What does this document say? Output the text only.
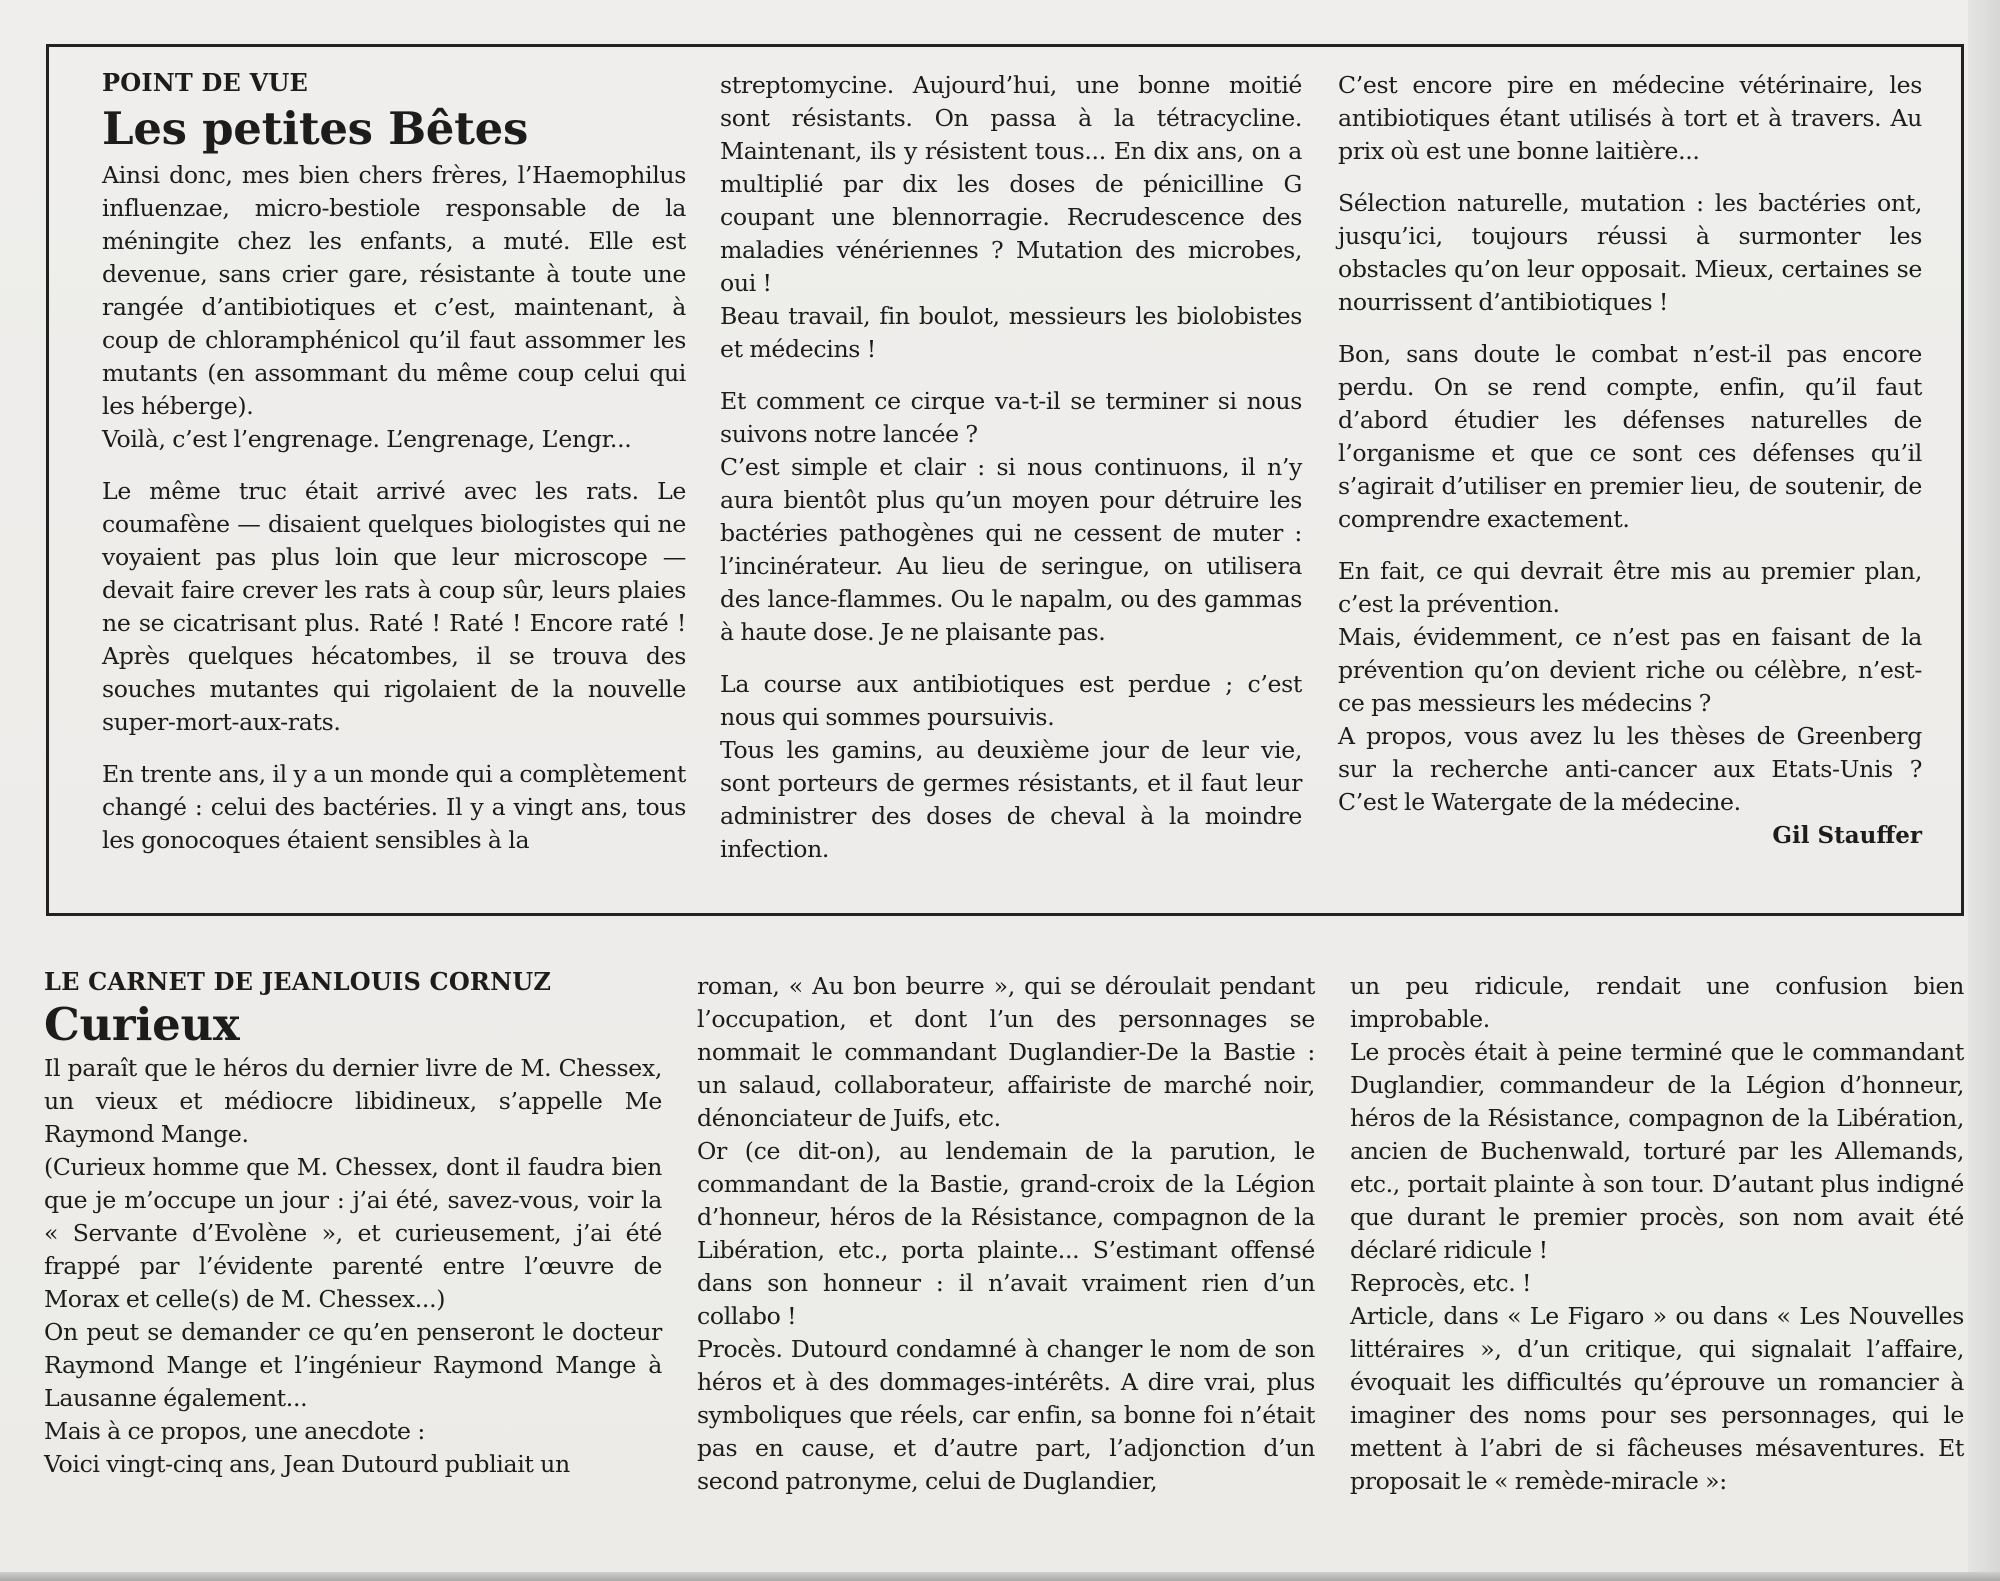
POINT DE VUE
Les petites Bêtes

Ainsi donc, mes bien chers frères, l’Haemophilus influenzae, micro-bestiole responsable de la méningite chez les enfants, a muté. Elle est devenue, sans crier gare, résistante à toute une rangée d’antibiotiques et c’est, maintenant, à coup de chloramphénicol qu’il faut assommer les mutants (en assommant du même coup celui qui les héberge).

Voilà, c’est l’engrenage. L’engrenage, L’engr...

Le même truc était arrivé avec les rats. Le coumafène — disaient quelques biologistes qui ne voyaient pas plus loin que leur microscope — devait faire crever les rats à coup sûr, leurs plaies ne se cicatrisant plus. Raté ! Raté ! Encore raté ! Après quelques hécatombes, il se trouva des souches mutantes qui rigolaient de la nouvelle super-mort-aux-rats.

En trente ans, il y a un monde qui a complètement changé : celui des bactéries. Il y a vingt ans, tous les gonocoques étaient sensibles à la

streptomycine. Aujourd’hui, une bonne moitié sont résistants. On passa à la tétracycline. Maintenant, ils y résistent tous... En dix ans, on a multiplié par dix les doses de pénicilline G coupant une blennorragie. Recrudescence des maladies vénériennes ? Mutation des microbes, oui !

Beau travail, fin boulot, messieurs les biolobistes et médecins !

Et comment ce cirque va-t-il se terminer si nous suivons notre lancée ?

C’est simple et clair : si nous continuons, il n’y aura bientôt plus qu’un moyen pour détruire les bactéries pathogènes qui ne cessent de muter : l’incinérateur. Au lieu de seringue, on utilisera des lance-flammes. Ou le napalm, ou des gammas à haute dose. Je ne plaisante pas.

La course aux antibiotiques est perdue ; c’est nous qui sommes poursuivis.

Tous les gamins, au deuxième jour de leur vie, sont porteurs de germes résistants, et il faut leur administrer des doses de cheval à la moindre infection.

C’est encore pire en médecine vétérinaire, les antibiotiques étant utilisés à tort et à travers. Au prix où est une bonne laitière...

Sélection naturelle, mutation : les bactéries ont, jusqu’ici, toujours réussi à surmonter les obstacles qu’on leur opposait. Mieux, certaines se nourrissent d’antibiotiques !

Bon, sans doute le combat n’est-il pas encore perdu. On se rend compte, enfin, qu’il faut d’abord étudier les défenses naturelles de l’organisme et que ce sont ces défenses qu’il s’agirait d’utiliser en premier lieu, de soutenir, de comprendre exactement.

En fait, ce qui devrait être mis au premier plan, c’est la prévention.

Mais, évidemment, ce n’est pas en faisant de la prévention qu’on devient riche ou célèbre, n’est-ce pas messieurs les médecins ?

A propos, vous avez lu les thèses de Greenberg sur la recherche anti-cancer aux Etats-Unis ? C’est le Watergate de la médecine.

Gil Stauffer
LE CARNET DE JEANLOUIS CORNUZ
Curieux

Il paraît que le héros du dernier livre de M. Chessex, un vieux et médiocre libidineux, s’appelle Me Raymond Mange.

(Curieux homme que M. Chessex, dont il faudra bien que je m’occupe un jour : j’ai été, savez-vous, voir la « Servante d’Evolène », et curieusement, j’ai été frappé par l’évidente parenté entre l’œuvre de Morax et celle(s) de M. Chessex...)

On peut se demander ce qu’en penseront le docteur Raymond Mange et l’ingénieur Raymond Mange à Lausanne également...

Mais à ce propos, une anecdote :

Voici vingt-cinq ans, Jean Dutourd publiait un

roman, « Au bon beurre », qui se déroulait pendant l’occupation, et dont l’un des personnages se nommait le commandant Duglandier-De la Bastie : un salaud, collaborateur, affairiste de marché noir, dénonciateur de Juifs, etc.

Or (ce dit-on), au lendemain de la parution, le commandant de la Bastie, grand-croix de la Légion d’honneur, héros de la Résistance, compagnon de la Libération, etc., porta plainte... S’estimant offensé dans son honneur : il n’avait vraiment rien d’un collabo !

Procès. Dutourd condamné à changer le nom de son héros et à des dommages-intérêts. A dire vrai, plus symboliques que réels, car enfin, sa bonne foi n’était pas en cause, et d’autre part, l’adjonction d’un second patronyme, celui de Duglandier,

un peu ridicule, rendait une confusion bien improbable.

Le procès était à peine terminé que le commandant Duglandier, commandeur de la Légion d’honneur, héros de la Résistance, compagnon de la Libération, ancien de Buchenwald, torturé par les Allemands, etc., portait plainte à son tour. D’autant plus indigné que durant le premier procès, son nom avait été déclaré ridicule !

Reprocès, etc. !

Article, dans « Le Figaro » ou dans « Les Nouvelles littéraires », d’un critique, qui signalait l’affaire, évoquait les difficultés qu’éprouve un romancier à imaginer des noms pour ses personnages, qui le mettent à l’abri de si fâcheuses mésaventures. Et proposait le « remède-miracle »:
